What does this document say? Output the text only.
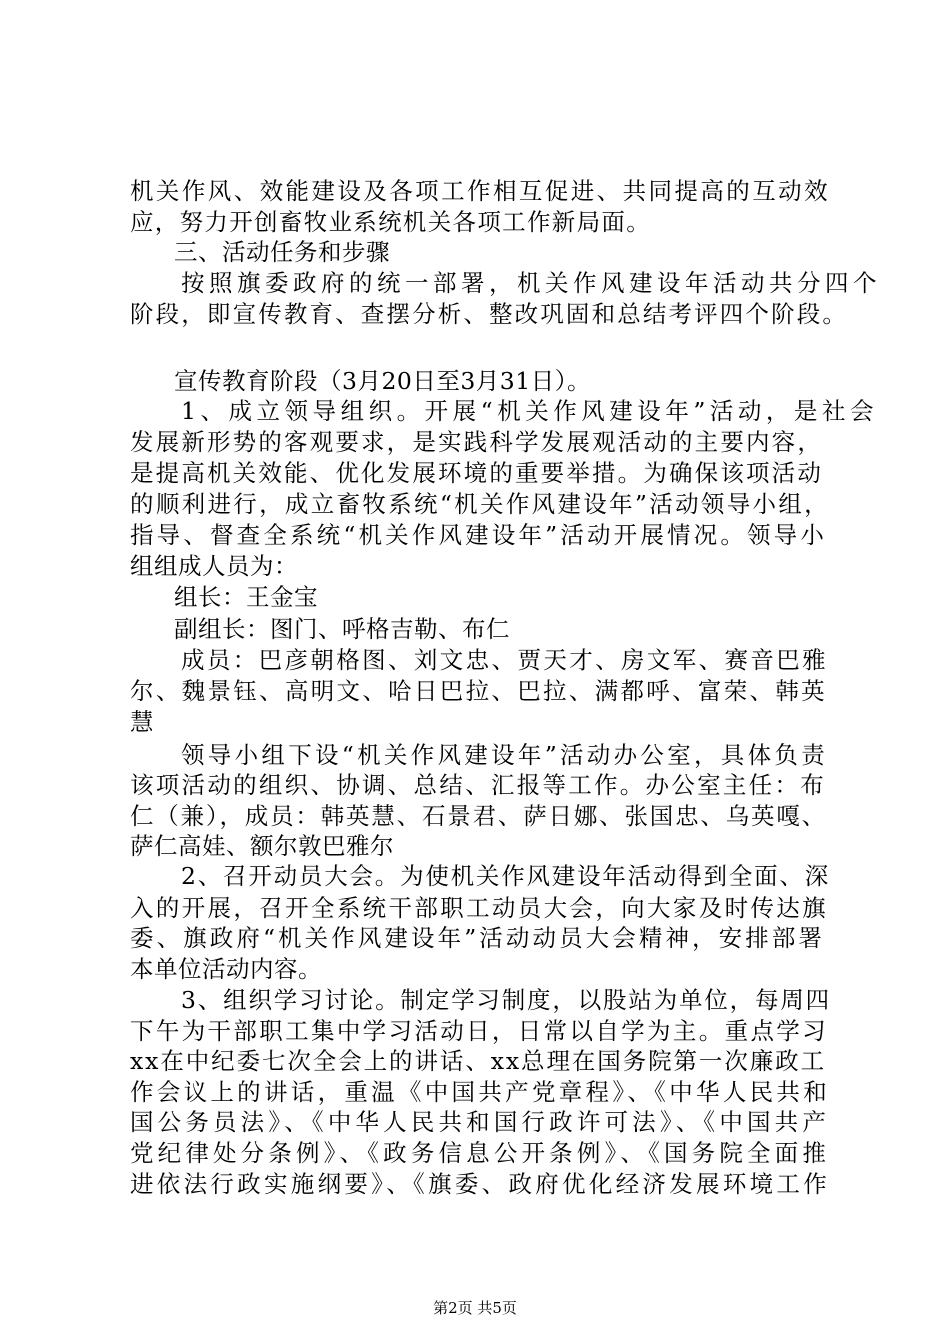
机关作风、效能建设及各项工作相互促进、共同提高的互动效
应，努力开创畜牧业系统机关各项工作新局面。
三、活动任务和步骤
按照旗委政府的统一部署，机关作风建设年活动共分四个
阶段，即宣传教育、查摆分析、整改巩固和总结考评四个阶段。
宣传教育阶段（3月20日至3月31日）。
1、成立领导组织。开展“机关作风建设年”活动，是社会
发展新形势的客观要求，是实践科学发展观活动的主要内容，
是提高机关效能、优化发展环境的重要举措。为确保该项活动
的顺利进行，成立畜牧系统“机关作风建设年”活动领导小组，
指导、督查全系统“机关作风建设年”活动开展情况。领导小
组组成人员为：
组长：王金宝
副组长：图门、呼格吉勒、布仁
成员：巴彦朝格图、刘文忠、贾天才、房文军、赛音巴雅
尔、魏景钰、高明文、哈日巴拉、巴拉、满都呼、富荣、韩英
慧
领导小组下设“机关作风建设年”活动办公室，具体负责
该项活动的组织、协调、总结、汇报等工作。办公室主任：布
仁（兼），成员：韩英慧、石景君、萨日娜、张国忠、乌英嘎、
萨仁高娃、额尔敦巴雅尔
2、召开动员大会。为使机关作风建设年活动得到全面、深
入的开展，召开全系统干部职工动员大会，向大家及时传达旗
委、旗政府“机关作风建设年”活动动员大会精神，安排部署
本单位活动内容。
3、组织学习讨论。制定学习制度，以股站为单位，每周四
下午为干部职工集中学习活动日，日常以自学为主。重点学习
xx在中纪委七次全会上的讲话、xx总理在国务院第一次廉政工
作会议上的讲话，重温《中国共产党章程》、《中华人民共和
国公务员法》、《中华人民共和国行政许可法》、《中国共产
党纪律处分条例》、《政务信息公开条例》、《国务院全面推
进依法行政实施纲要》、《旗委、政府优化经济发展环境工作
第2页 共5页
